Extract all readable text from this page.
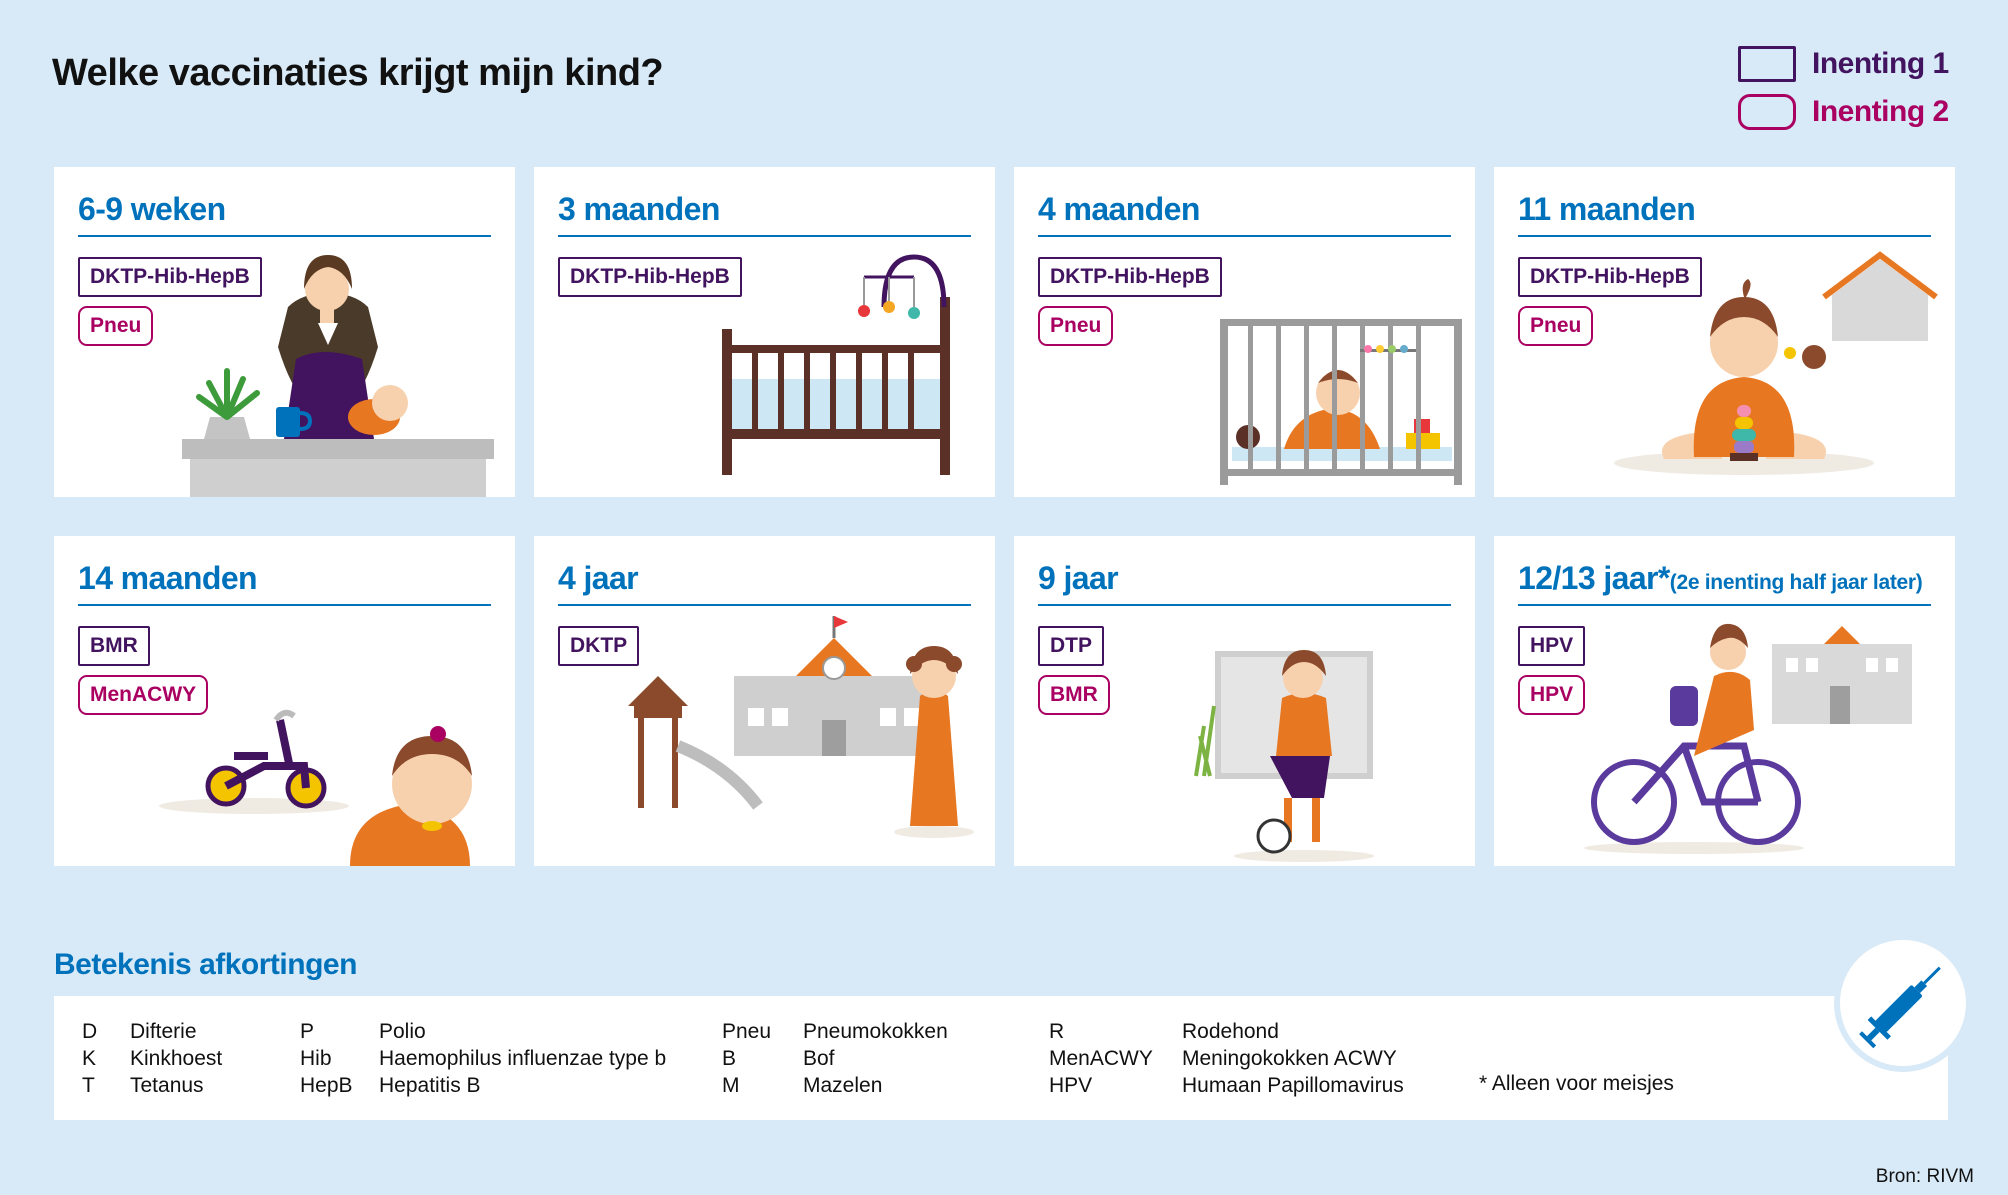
Welke vaccinaties krijgt mijn kind?	Inenting 1
Inenting 2
6-9 weken
DKTP-Hib-HepB
Pneu
3 maanden
DKTP-Hib-HepB
4 maanden
DKTP-Hib-HepB
Pneu
11 maanden
DKTP-Hib-HepB
Pneu
14 maanden
BMR
MenACWY
4 jaar
DKTP
9 jaar
DTP
BMR
12/13 jaar*(2e inenting half jaar later)
HPV
HPV
Betekenis afkortingen
D
K
T
Difterie
Kinkhoest
Tetanus
P
Hib
HepB
Polio
Haemophilus influenzae type b
Hepatitis B
Pneu
B
M
Pneumokokken
Bof
Mazelen
R
MenACWY
HPV
Rodehond
Meningokokken ACWY
Humaan Papillomavirus	* Alleen voor meisjes
Bron: RIVM
